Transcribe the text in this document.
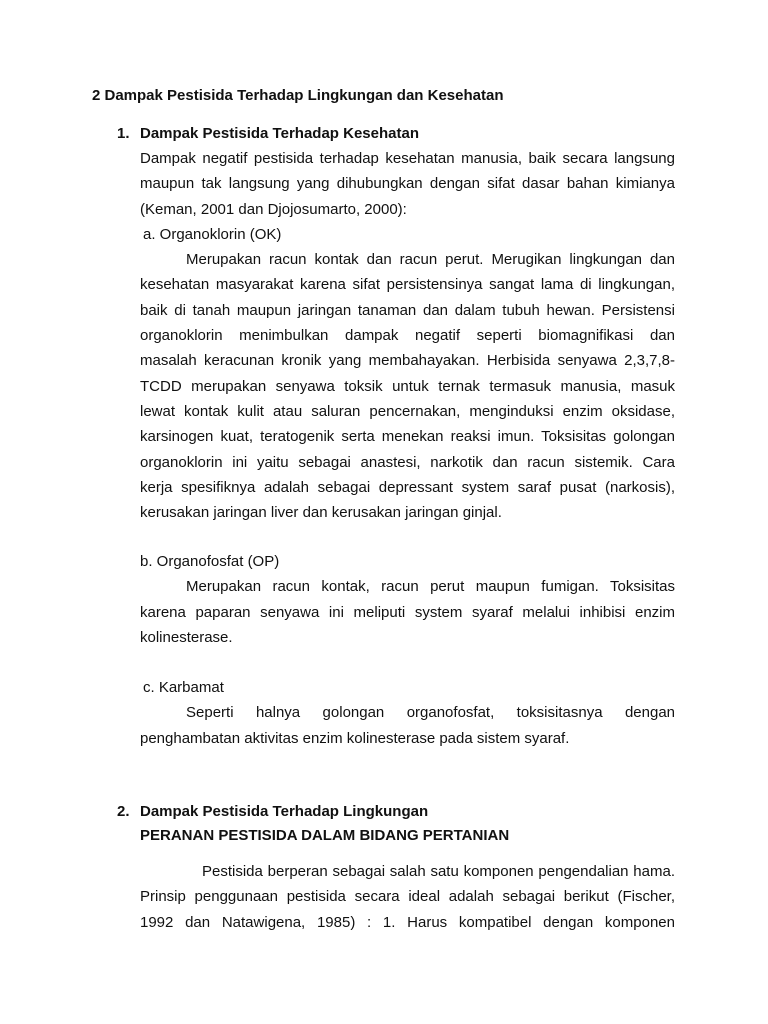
2 Dampak Pestisida Terhadap Lingkungan dan Kesehatan
1. Dampak Pestisida Terhadap Kesehatan
Dampak negatif pestisida terhadap kesehatan manusia, baik secara langsung
maupun tak langsung yang dihubungkan dengan sifat dasar bahan kimianya
(Keman, 2001 dan Djojosumarto, 2000):
a. Organoklorin (OK)
Merupakan racun kontak dan racun perut. Merugikan lingkungan dan
kesehatan masyarakat karena sifat persistensinya sangat lama di lingkungan,
baik di tanah maupun jaringan tanaman dan dalam tubuh hewan. Persistensi
organoklorin menimbulkan dampak negatif seperti biomagnifikasi dan
masalah keracunan kronik yang membahayakan. Herbisida senyawa 2,3,7,8-
TCDD merupakan senyawa toksik untuk ternak termasuk manusia, masuk
lewat kontak kulit atau saluran pencernakan, menginduksi enzim oksidase,
karsinogen kuat, teratogenik serta menekan reaksi imun. Toksisitas golongan
organoklorin ini yaitu sebagai anastesi, narkotik dan racun sistemik. Cara
kerja spesifiknya adalah sebagai depressant system saraf pusat (narkosis),
kerusakan jaringan liver dan kerusakan jaringan ginjal.
b. Organofosfat (OP)
Merupakan racun kontak, racun perut maupun fumigan. Toksisitas
karena paparan senyawa ini meliputi system syaraf melalui inhibisi enzim
kolinesterase.
c. Karbamat
Seperti halnya golongan organofosfat, toksisitasnya dengan
penghambatan aktivitas enzim kolinesterase pada sistem syaraf.
2. Dampak Pestisida Terhadap Lingkungan
PERANAN PESTISIDA DALAM BIDANG PERTANIAN
Pestisida berperan sebagai salah satu komponen pengendalian hama.
Prinsip penggunaan pestisida secara ideal adalah sebagai berikut (Fischer,
1992 dan Natawigena, 1985) : 1. Harus kompatibel dengan komponen
